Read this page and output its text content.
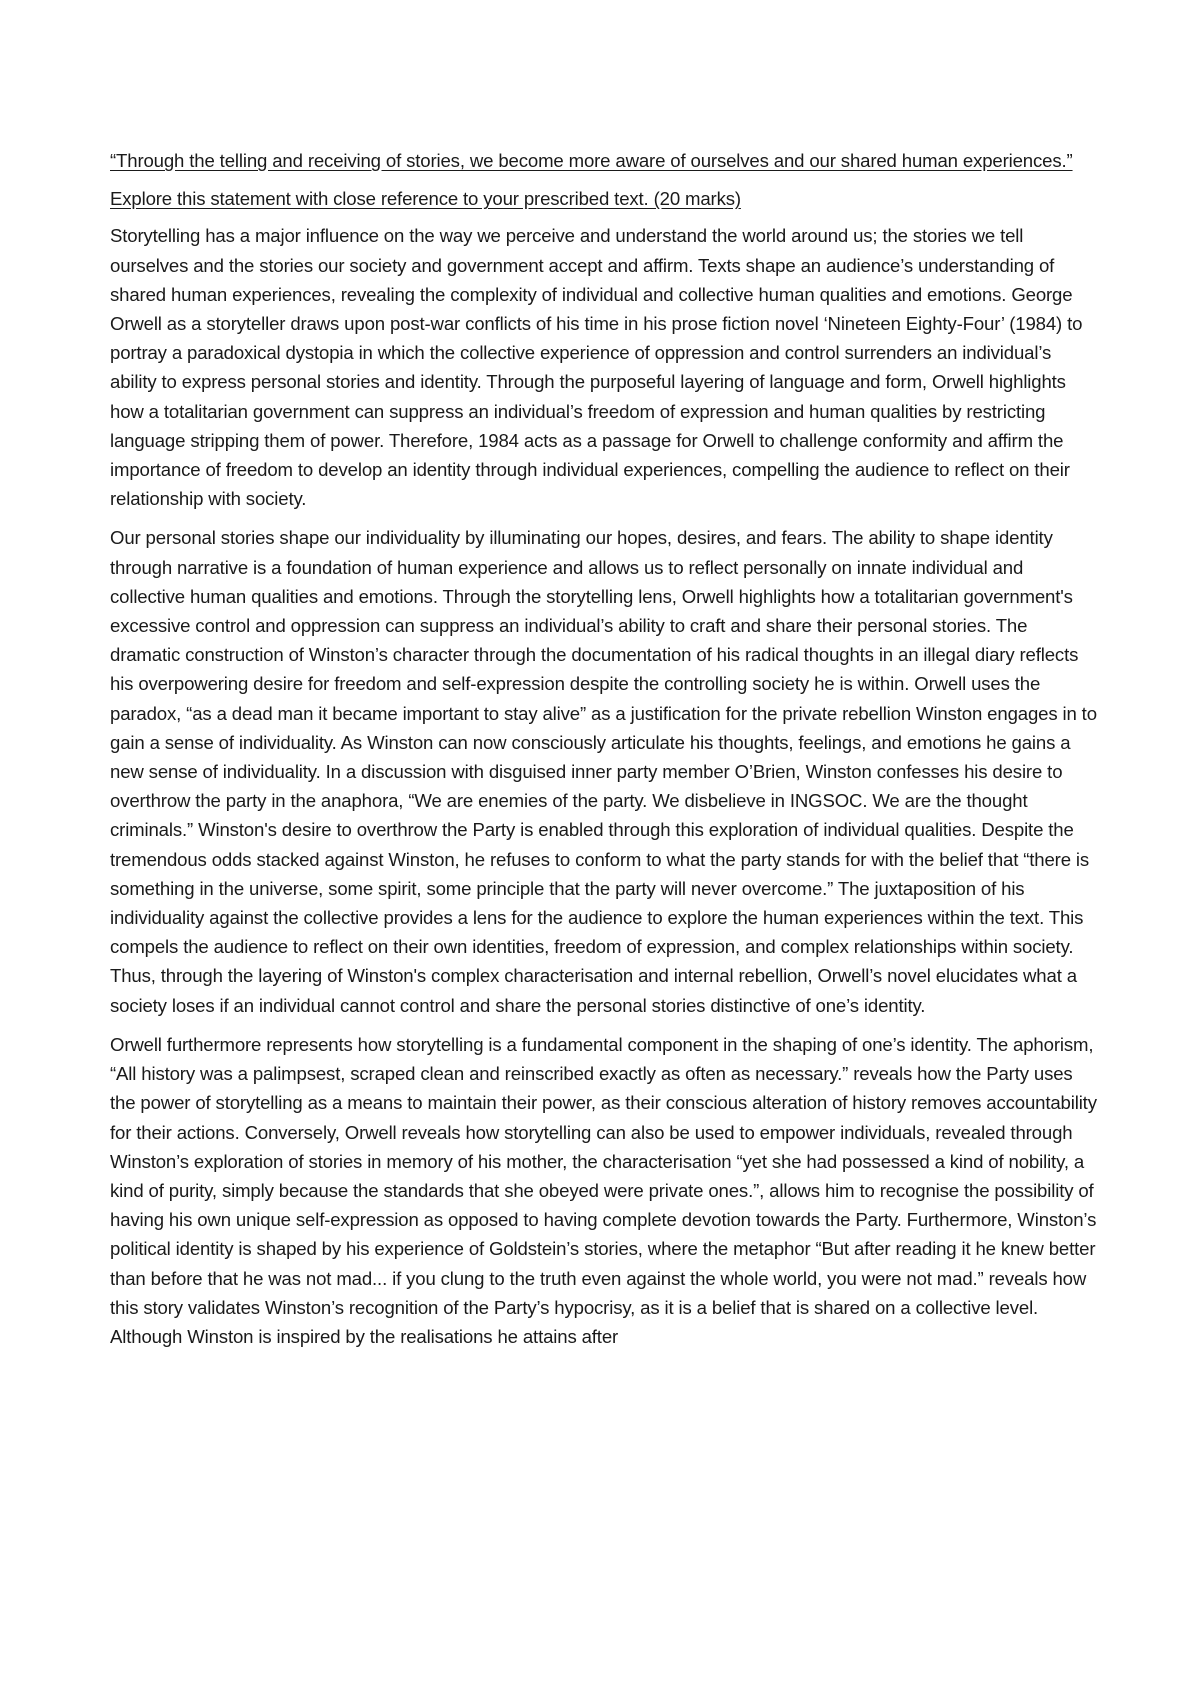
“Through the telling and receiving of stories, we become more aware of ourselves and our shared human experiences.”

Explore this statement with close reference to your prescribed text. (20 marks)

Storytelling has a major influence on the way we perceive and understand the world around us; the stories we tell ourselves and the stories our society and government accept and affirm. Texts shape an audience’s understanding of shared human experiences, revealing the complexity of individual and collective human qualities and emotions. George Orwell as a storyteller draws upon post-war conflicts of his time in his prose fiction novel ‘Nineteen Eighty-Four’ (1984) to portray a paradoxical dystopia in which the collective experience of oppression and control surrenders an individual’s ability to express personal stories and identity. Through the purposeful layering of language and form, Orwell highlights how a totalitarian government can suppress an individual’s freedom of expression and human qualities by restricting language stripping them of power. Therefore, 1984 acts as a passage for Orwell to challenge conformity and affirm the importance of freedom to develop an identity through individual experiences, compelling the audience to reflect on their relationship with society.

Our personal stories shape our individuality by illuminating our hopes, desires, and fears. The ability to shape identity through narrative is a foundation of human experience and allows us to reflect personally on innate individual and collective human qualities and emotions. Through the storytelling lens, Orwell highlights how a totalitarian government's excessive control and oppression can suppress an individual’s ability to craft and share their personal stories. The dramatic construction of Winston’s character through the documentation of his radical thoughts in an illegal diary reflects his overpowering desire for freedom and self-expression despite the controlling society he is within. Orwell uses the paradox, “as a dead man it became important to stay alive” as a justification for the private rebellion Winston engages in to gain a sense of individuality. As Winston can now consciously articulate his thoughts, feelings, and emotions he gains a new sense of individuality. In a discussion with disguised inner party member O’Brien, Winston confesses his desire to overthrow the party in the anaphora, “We are enemies of the party. We disbelieve in INGSOC. We are the thought criminals.” Winston's desire to overthrow the Party is enabled through this exploration of individual qualities. Despite the tremendous odds stacked against Winston, he refuses to conform to what the party stands for with the belief that “there is something in the universe, some spirit, some principle that the party will never overcome.” The juxtaposition of his individuality against the collective provides a lens for the audience to explore the human experiences within the text. This compels the audience to reflect on their own identities, freedom of expression, and complex relationships within society. Thus, through the layering of Winston's complex characterisation and internal rebellion, Orwell’s novel elucidates what a society loses if an individual cannot control and share the personal stories distinctive of one’s identity.

Orwell furthermore represents how storytelling is a fundamental component in the shaping of one’s identity. The aphorism, “All history was a palimpsest, scraped clean and reinscribed exactly as often as necessary.” reveals how the Party uses the power of storytelling as a means to maintain their power, as their conscious alteration of history removes accountability for their actions. Conversely, Orwell reveals how storytelling can also be used to empower individuals, revealed through Winston’s exploration of stories in memory of his mother, the characterisation “yet she had possessed a kind of nobility, a kind of purity, simply because the standards that she obeyed were private ones.”, allows him to recognise the possibility of having his own unique self-expression as opposed to having complete devotion towards the Party. Furthermore, Winston’s political identity is shaped by his experience of Goldstein’s stories, where the metaphor “But after reading it he knew better than before that he was not mad... if you clung to the truth even against the whole world, you were not mad.” reveals how this story validates Winston’s recognition of the Party’s hypocrisy, as it is a belief that is shared on a collective level. Although Winston is inspired by the realisations he attains after
